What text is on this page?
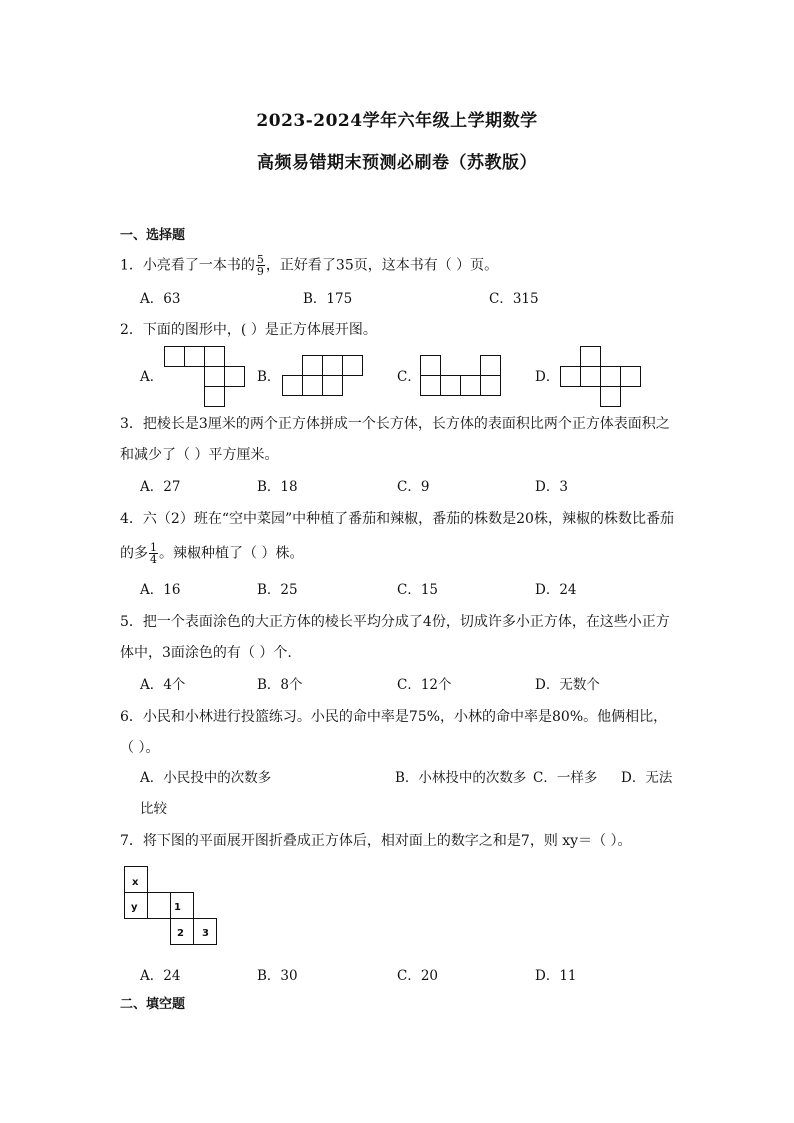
2023-2024学年六年级上学期数学
高频易错期末预测必刷卷（苏教版）
一、选择题
1．小亮看了一本书的 $\frac{5}{9}$ ，正好看了35页，这本书有（ ）页。
A．63	B．175	C．315
2．下面的图形中，( ）是正方体展开图。
A．	B．	C．	D．
3．把棱长是3厘米的两个正方体拼成一个长方体，长方体的表面积比两个正方体表面积之
和减少了（ ）平方厘米。
A．27	B．18	C．9	D．3
4．六（2）班在“空中菜园”中种植了番茄和辣椒，番茄的株数是20株，辣椒的株数比番茄
的多 $\frac{1}{4}$ 。辣椒种植了（ ）株。
A．16	B．25	C．15	D．24
5．把一个表面涂色的大正方体的棱长平均分成了4份，切成许多小正方体，在这些小正方
体中，3面涂色的有（ ）个.
A．4个	B．8个	C．12个	D．无数个
6．小民和小林进行投篮练习。小民的命中率是75%，小林的命中率是80%。他俩相比，
（ ）。
A．小民投中的次数多	B．小林投中的次数多 C．一样多 D．无法
比较
7．将下图的平面展开图折叠成正方体后，相对面上的数字之和是7，则 xy＝（ ）。
x
y	1
2 3
A．24	B．30	C．20	D．11
二、填空题
